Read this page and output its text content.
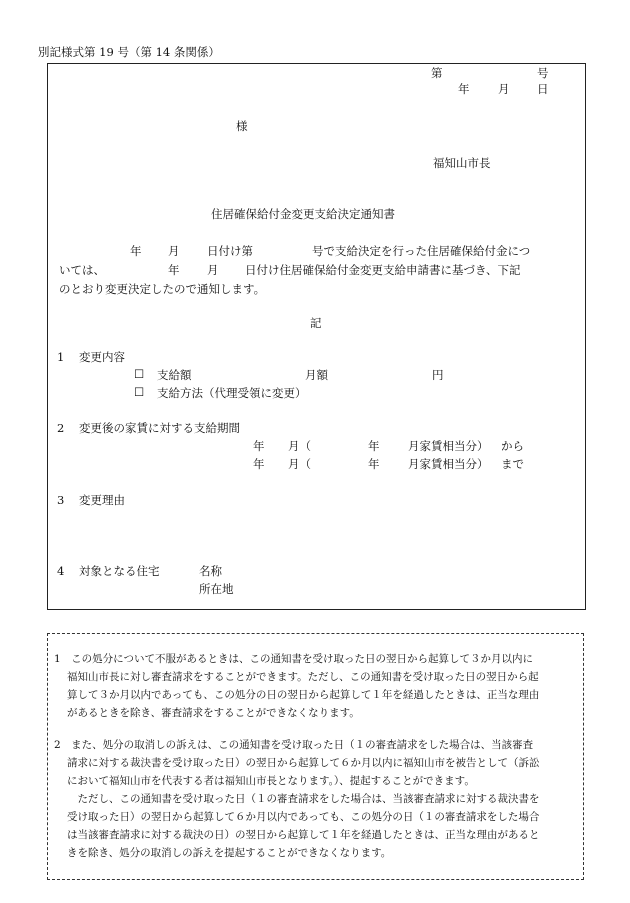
別記様式第 19 号（第 14 条関係）
第	号
年 月 日
様
福知山市長
住居確保給付金変更支給決定通知書
年 月 日付け第	号で支給決定を行った住居確保給付金につ
いては、	年 月 日付け住居確保給付金変更支給申請書に基づき、下記
のとおり変更決定したので通知します。
記
1 変更内容
☐ 支給額	月額	円
☐ 支給方法（代理受領に変更）
2 変更後の家賃に対する支給期間
年 月（	年 月家賃相当分） から
年 月（	年 月家賃相当分） まで
3 変更理由
4 対象となる住宅	名称
所在地
1　この処分について不服があるときは、この通知書を受け取った日の翌日から起算して３か月以内に
福知山市長に対し審査請求をすることができます。ただし、この通知書を受け取った日の翌日から起
算して３か月以内であっても、この処分の日の翌日から起算して１年を経過したときは、正当な理由
があるときを除き、審査請求をすることができなくなります。
2　また、処分の取消しの訴えは、この通知書を受け取った日（１の審査請求をした場合は、当該審査
請求に対する裁決書を受け取った日）の翌日から起算して６か月以内に福知山市を被告として（訴訟
において福知山市を代表する者は福知山市長となります。）、提起することができます。
　ただし、この通知書を受け取った日（１の審査請求をした場合は、当該審査請求に対する裁決書を
受け取った日）の翌日から起算して６か月以内であっても、この処分の日（１の審査請求をした場合
は当該審査請求に対する裁決の日）の翌日から起算して１年を経過したときは、正当な理由があると
きを除き、処分の取消しの訴えを提起することができなくなります。
